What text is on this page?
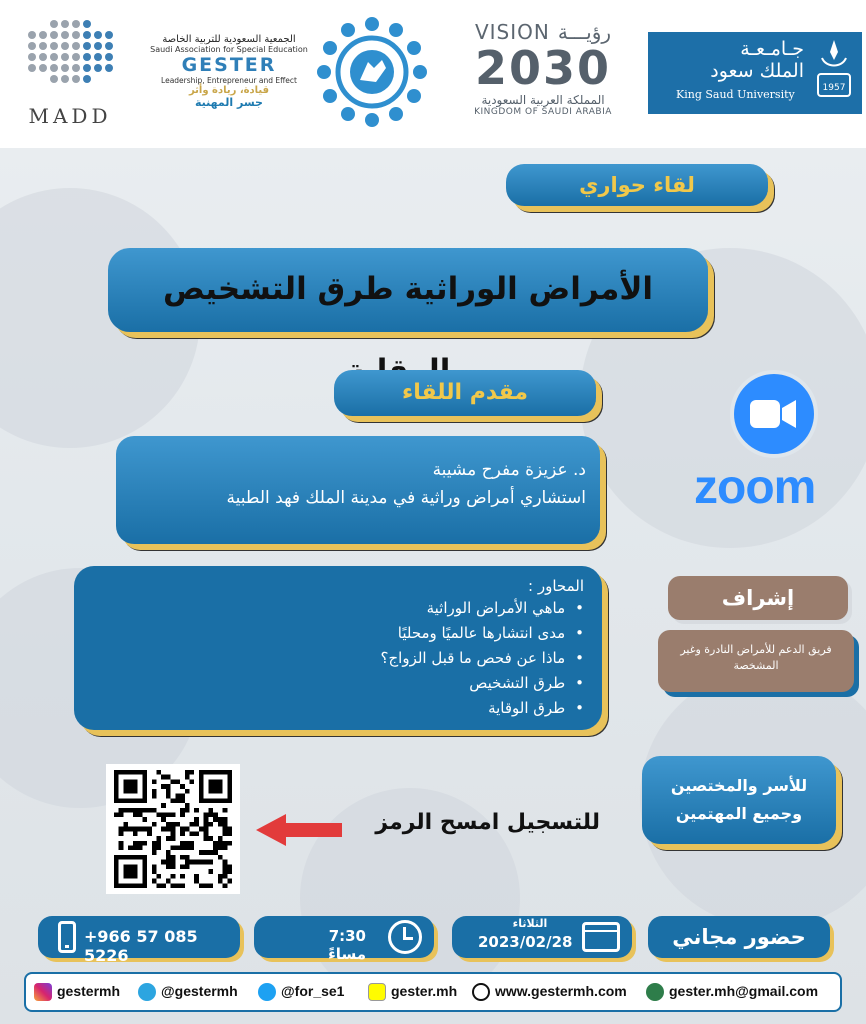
MADD
الجمعية السعودية للتربية الخاصة
Saudi Association for Special Education
GESTER
Leadership, Entrepreneur and Effect
قيادة، ريادة وأثر
جسر المهنية
VISION رؤيـــة
2030
المملكة العربية السعودية
KINGDOM OF SAUDI ARABIA
جـامـعـة
الملك سعود
King Saud University	1957
لقاء حواري
الأمراض الوراثية طرق التشخيص
مقدم اللقاء
د. عزيزة مفرح مشيبة
استشاري أمراض وراثية في مدينة الملك فهد الطبية
المحاور :
• ماهي الأمراض الوراثية
• مدى انتشارها عالميًا ومحليًا
• ماذا عن فحص ما قبل الزواج؟
• طرق التشخيص
• طرق الوقاية
zoom
إشراف
فريق الدعم للأمراض النادرة وغير المشخصة
للأسر والمختصين
وجميع المهتمين
للتسجيل امسح الرمز
+966 57 085 5226
7:30 مساءً
الثلاثاء
2023/02/28	حضور مجاني
gestermh	@gestermh	@for_se1	gester.mh	www.gestermh.com	gester.mh@gmail.com
